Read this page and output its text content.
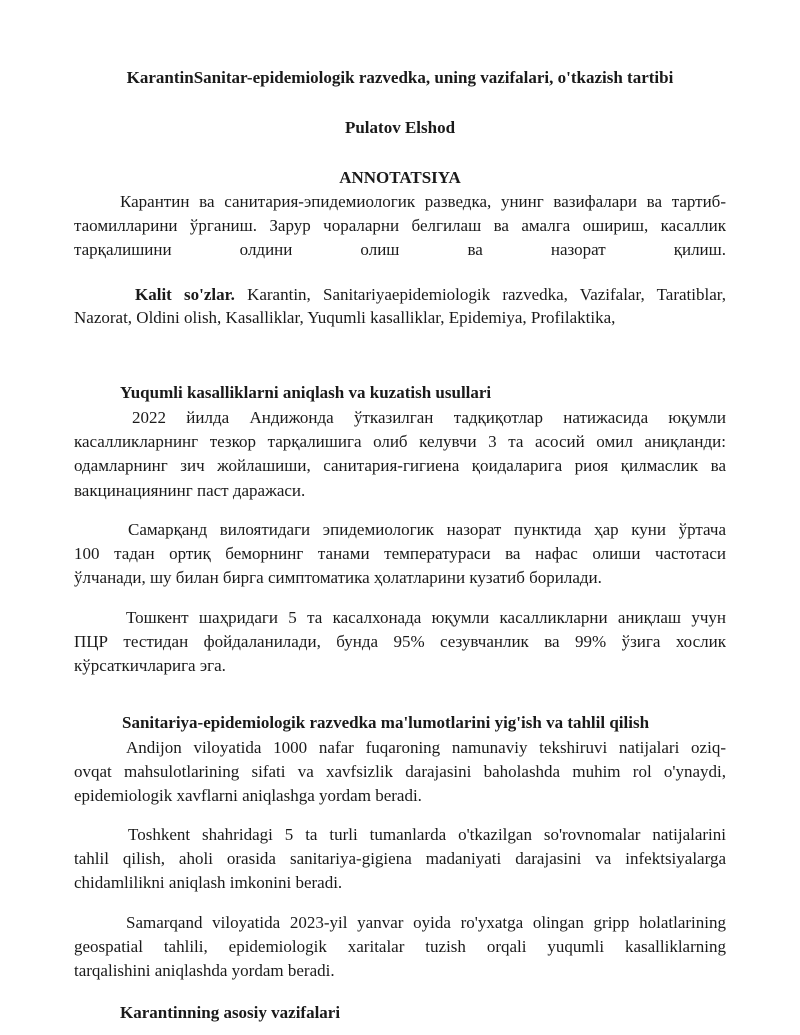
KarantinSanitar-epidemiologik razvedka, uning vazifalari, o'tkazish tartibi
Pulatov Elshod
ANNOTATSIYA
Карантин ва санитария-эпидемиологик разведка, унинг вазифалари ва тартиб-
таомилларини ўрганиш. Зарур чораларни белгилаш ва амалга ошириш, касаллик
тарқалишини олдини олиш ва назорат қилиш.
Kalit so'zlar. Karantin, Sanitariyaepidemiologik razvedka, Vazifalar, Taratiblar,
Nazorat, Oldini olish, Kasalliklar, Yuqumli kasalliklar, Epidemiya, Profilaktika,
Yuqumli kasalliklarni aniqlash va kuzatish usullari
2022 йилда Андижонда ўтказилган тадқиқотлар натижасида юқумли
касалликларнинг тезкор тарқалишига олиб келувчи 3 та асосий омил аниқланди:
одамларнинг зич жойлашиши, санитария-гигиена қоидаларига риоя қилмаслик ва
вакцинациянинг паст даражаси.
Самарқанд вилоятидаги эпидемиологик назорат пунктида ҳар куни ўртача
100 тадан ортиқ беморнинг танами температураси ва нафас олиши частотаси
ўлчанади, шу билан бирга симптоматика ҳолатларини кузатиб борилади.
Тошкент шаҳридаги 5 та касалхонада юқумли касалликларни аниқлаш учун
ПЦР тестидан фойдаланилади, бунда 95% сезувчанлик ва 99% ўзига хослик
кўрсаткичларига эга.
Sanitariya-epidemiologik razvedka ma'lumotlarini yig'ish va tahlil qilish
Andijon viloyatida 1000 nafar fuqaroning namunaviy tekshiruvi natijalari oziq-
ovqat mahsulotlarining sifati va xavfsizlik darajasini baholashda muhim rol o'ynaydi,
epidemiologik xavflarni aniqlashga yordam beradi.
Toshkent shahridagi 5 ta turli tumanlarda o'tkazilgan so'rovnomalar natijalarini
tahlil qilish, aholi orasida sanitariya-gigiena madaniyati darajasini va infektsiyalarga
chidamlilikni aniqlash imkonini beradi.
Samarqand viloyatida 2023-yil yanvar oyida ro'yxatga olingan gripp holatlarining
geospatial tahlili, epidemiologik xaritalar tuzish orqali yuqumli kasalliklarning
tarqalishini aniqlashda yordam beradi.
Karantinning asosiy vazifalari
